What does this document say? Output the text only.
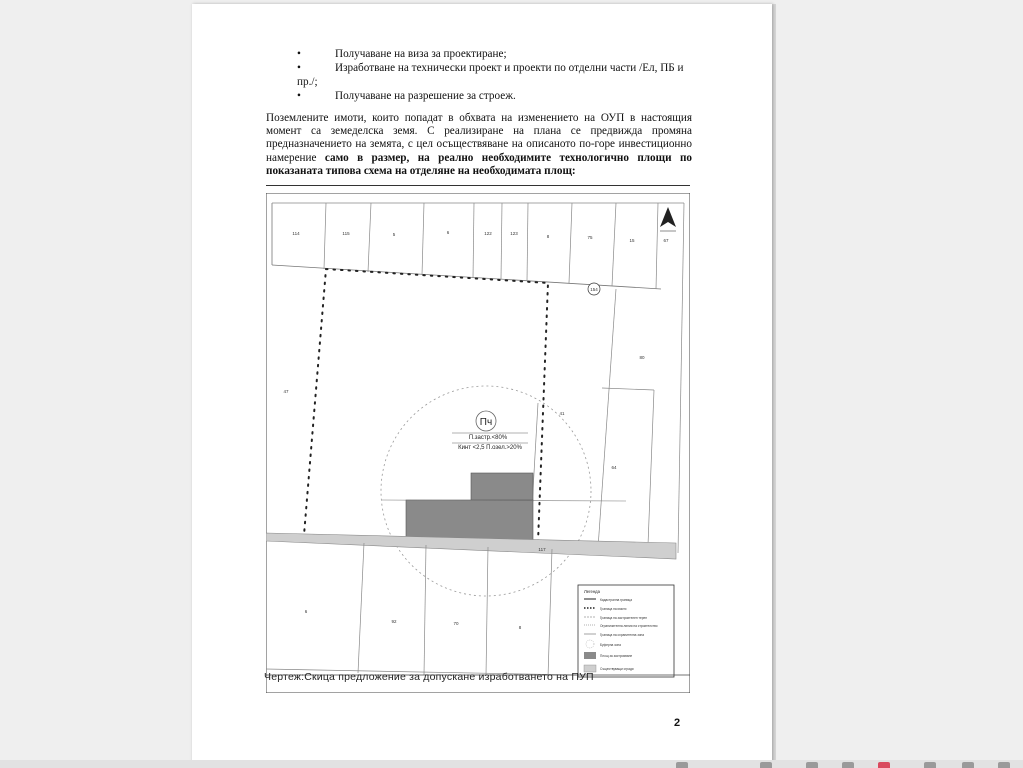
•	Получаване на виза за проектиране;
•	Изработване на технически проект и проекти по отделни части /Ел, ПБ и
пр./;
•	Получаване на разрешение за строеж.
Поземлените имоти, които попадат в обхвата на изменението на ОУП в настоящия момент са земеделска земя. С реализиране на плана се предвижда промяна предназначението на земята, с цел осъществяване на описаното по-горе инвестиционно намерение само в размер, на реално необходимите технологично площи по показаната типова схема на отделяне на необходимата площ:
Пч
П.застр.<80%
Кинт <2,5 П.озел.>20%
114	115	5	6	122	123
8	75
15	67
154
80
47
41
64
117
6
92	70
8
Легенда
Кадастрална граница
Граница на имоти
Граница на застроителен терен
Ограничителна линия на строителство
Граница на охранителна зона
Буферна зона
Площ за застрояване
Съществуващи сгради
Чертеж:Скица предложение за допускане изработването на ПУП
2
